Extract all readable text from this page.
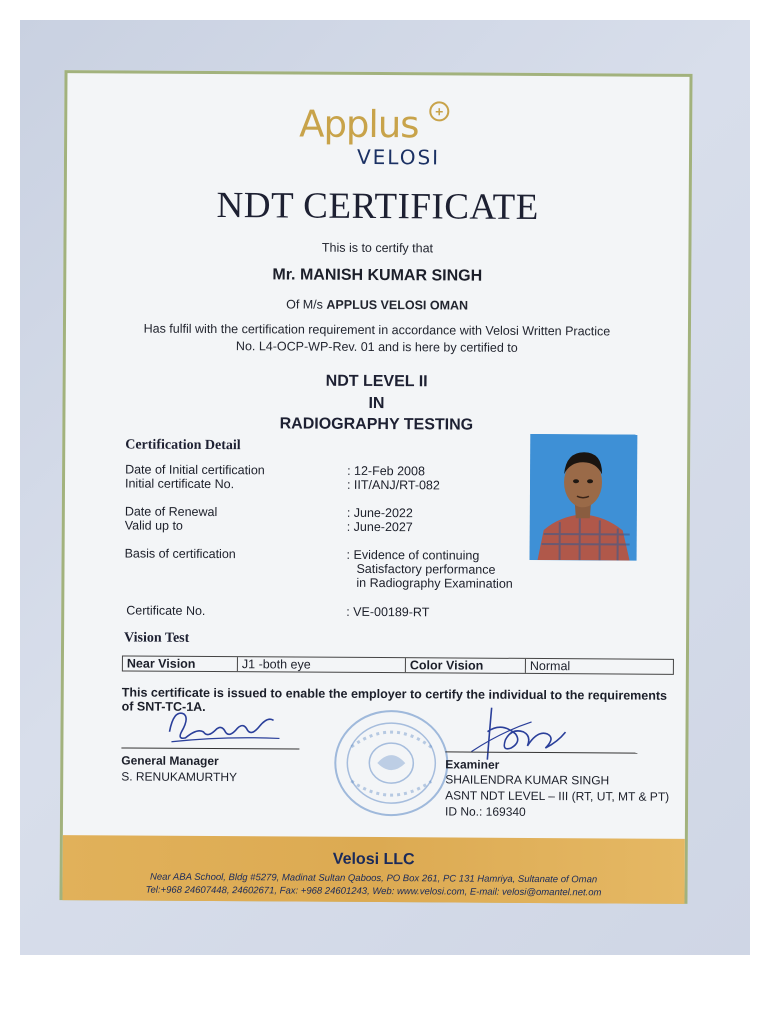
Applus	+
VELOSI
NDT CERTIFICATE
This is to certify that
Mr. MANISH KUMAR SINGH
Of M/s APPLUS VELOSI OMAN
Has fulfil with the certification requirement in accordance with Velosi Written Practice
No. L4-OCP-WP-Rev. 01 and is here by certified to
NDT LEVEL II
IN
RADIOGRAPHY TESTING
Certification Detail
Date of Initial certification	: 12-Feb 2008
Initial certificate No.	: IIT/ANJ/RT-082
Date of Renewal	: June-2022
Valid up to	: June-2027
Basis of certification	: Evidence of continuing
Satisfactory performance
in Radiography Examination
Certificate No.	: VE-00189-RT
Vision Test
Near Vision	J1 -both eye	Color Vision	Normal
This certificate is issued to enable the employer to certify the individual to the requirements
of SNT-TC-1A.
General Manager
S. RENUKAMURTHY
Examiner
SHAILENDRA KUMAR SINGH
ASNT NDT LEVEL – III (RT, UT, MT & PT)
ID No.: 169340
Velosi LLC
Near ABA School, Bldg #5279, Madinat Sultan Qaboos, PO Box 261, PC 131 Hamriya, Sultanate of Oman
Tel:+968 24607448, 24602671, Fax: +968 24601243, Web: www.velosi.com, E-mail: velosi@omantel.net.om
